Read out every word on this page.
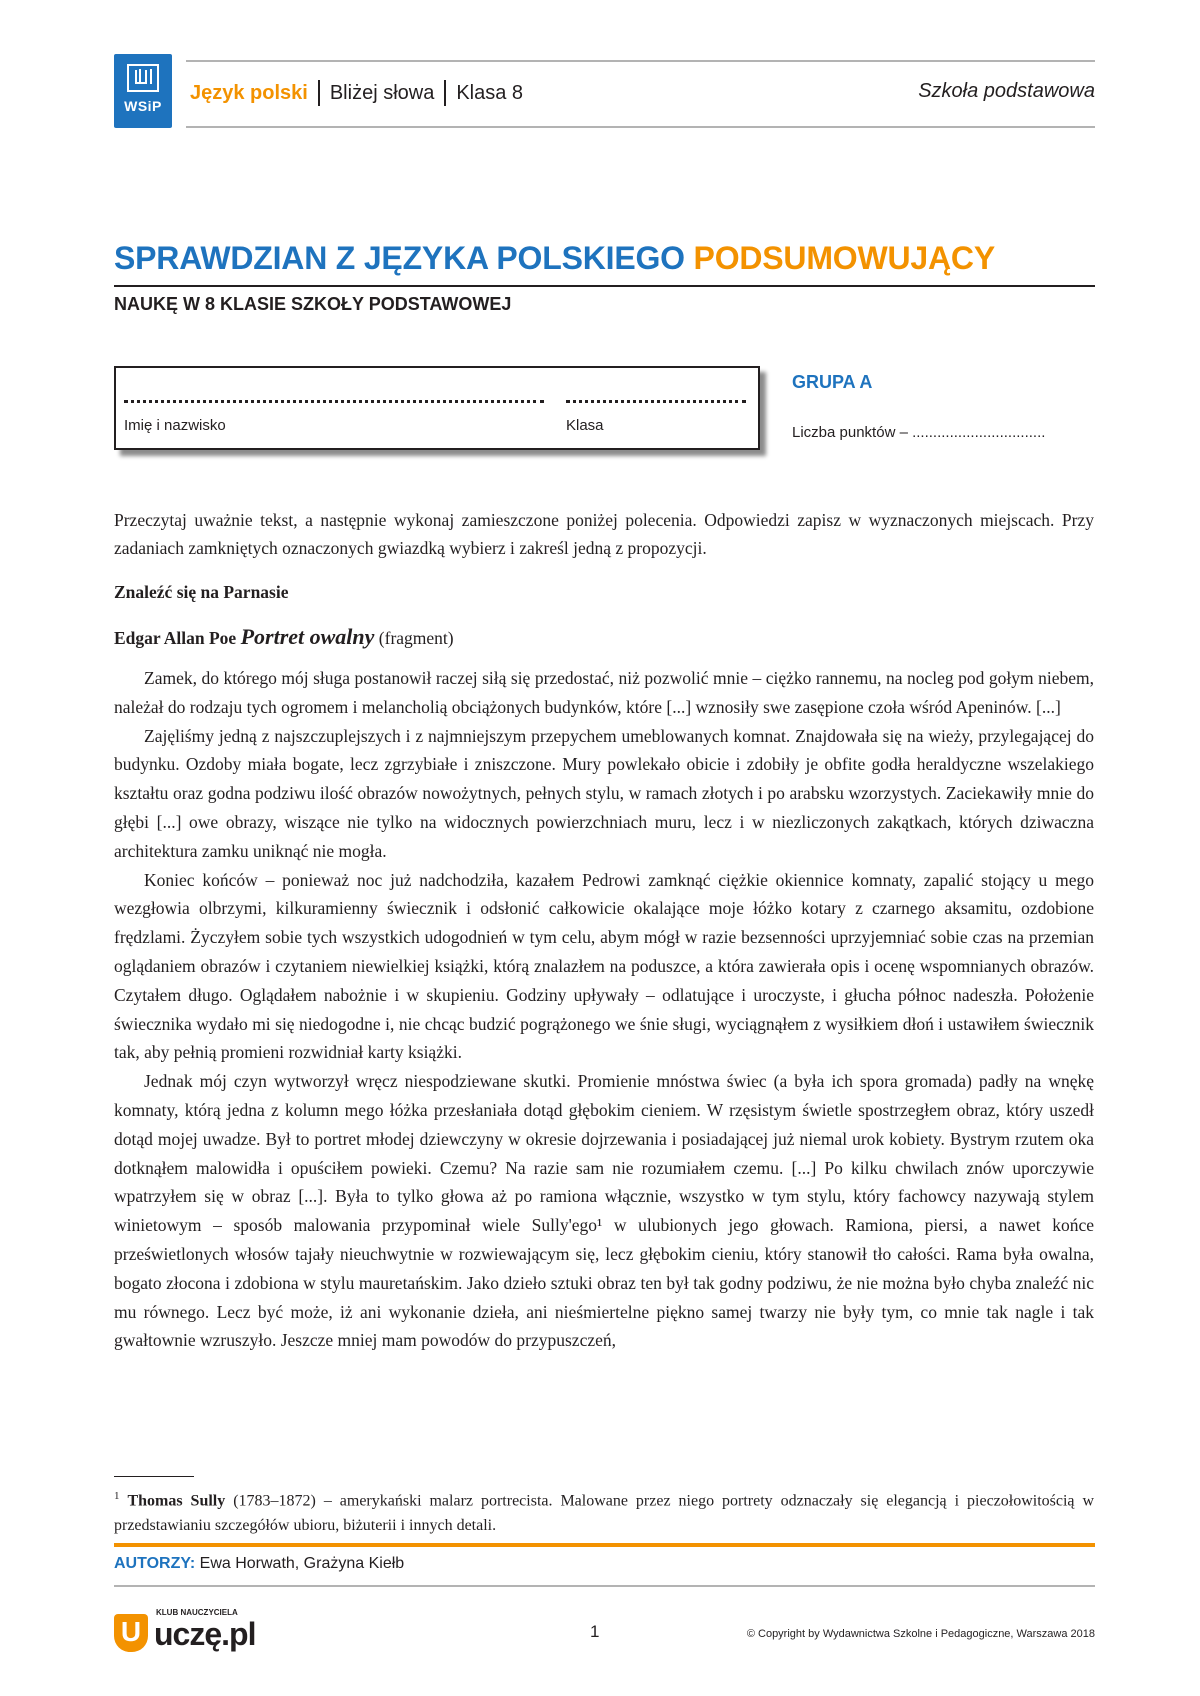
WSiP
Język polski Bliżej słowa Klasa 8	Szkoła podstawowa
SPRAWDZIAN Z JĘZYKA POLSKIEGO PODSUMOWUJĄCY
NAUKĘ W 8 KLASIE SZKOŁY PODSTAWOWEJ
Imię i nazwisko	Klasa
GRUPA A
Liczba punktów – ................................
Przeczytaj uważnie tekst, a następnie wykonaj zamieszczone poniżej polecenia. Odpowiedzi zapisz w wyznaczonych miejscach. Przy zadaniach zamkniętych oznaczonych gwiazdką wybierz i zakreśl jedną z propozycji.
Znaleźć się na Parnasie
Edgar Allan Poe Portret owalny (fragment)

Zamek, do którego mój sługa postanowił raczej siłą się przedostać, niż pozwolić mnie – ciężko rannemu, na nocleg pod gołym niebem, należał do rodzaju tych ogromem i melancholią obciążonych budynków, które [...] wznosiły swe zasępione czoła wśród Apeninów. [...]

Zajęliśmy jedną z najszczuplejszych i z najmniejszym przepychem umeblowanych komnat. Znajdowała się na wieży, przylegającej do budynku. Ozdoby miała bogate, lecz zgrzybiałe i zniszczone. Mury powlekało obicie i zdobiły je obfite godła heraldyczne wszelakiego kształtu oraz godna podziwu ilość obrazów nowożytnych, pełnych stylu, w ramach złotych i po arabsku wzorzystych. Zaciekawiły mnie do głębi [...] owe obrazy, wiszące nie tylko na widocznych powierzchniach muru, lecz i w niezliczonych zakątkach, których dziwaczna architektura zamku uniknąć nie mogła.

Koniec końców – ponieważ noc już nadchodziła, kazałem Pedrowi zamknąć ciężkie okiennice komnaty, zapalić stojący u mego wezgłowia olbrzymi, kilkuramienny świecznik i odsłonić całkowicie okalające moje łóżko kotary z czarnego aksamitu, ozdobione frędzlami. Życzyłem sobie tych wszystkich udogodnień w tym celu, abym mógł w razie bezsenności uprzyjemniać sobie czas na przemian oglądaniem obrazów i czytaniem niewielkiej książki, którą znalazłem na poduszce, a która zawierała opis i ocenę wspomnianych obrazów. Czytałem długo. Oglądałem nabożnie i w skupieniu. Godziny upływały – odlatujące i uroczyste, i głucha północ nadeszła. Położenie świecznika wydało mi się niedogodne i, nie chcąc budzić pogrążonego we śnie sługi, wyciągnąłem z wysiłkiem dłoń i ustawiłem świecznik tak, aby pełnią promieni rozwidniał karty książki.

Jednak mój czyn wytworzył wręcz niespodziewane skutki. Promienie mnóstwa świec (a była ich spora gromada) padły na wnękę komnaty, którą jedna z kolumn mego łóżka przesłaniała dotąd głębokim cieniem. W rzęsistym świetle spostrzegłem obraz, który uszedł dotąd mojej uwadze. Był to portret młodej dziewczyny w okresie dojrzewania i posiadającej już niemal urok kobiety. Bystrym rzutem oka dotknąłem malowidła i opuściłem powieki. Czemu? Na razie sam nie rozumiałem czemu. [...] Po kilku chwilach znów uporczywie wpatrzyłem się w obraz [...]. Była to tylko głowa aż po ramiona włącznie, wszystko w tym stylu, który fachowcy nazywają stylem winietowym – sposób malowania przypominał wiele Sully'ego¹ w ulubionych jego głowach. Ramiona, piersi, a nawet końce prześwietlonych włosów tajały nieuchwytnie w rozwiewającym się, lecz głębokim cieniu, który stanowił tło całości. Rama była owalna, bogato złocona i zdobiona w stylu mauretańskim. Jako dzieło sztuki obraz ten był tak godny podziwu, że nie można było chyba znaleźć nic mu równego. Lecz być może, iż ani wykonanie dzieła, ani nieśmiertelne piękno samej twarzy nie były tym, co mnie tak nagle i tak gwałtownie wzruszyło. Jeszcze mniej mam powodów do przypuszczeń,

$^1$ Thomas Sully (1783–1872) – amerykański malarz portrecista. Malowane przez niego portrety odznaczały się elegancją i pieczołowitością w przedstawianiu szczegółów ubioru, biżuterii i innych detali.
AUTORZY: Ewa Horwath, Grażyna Kiełb
U
KLUB NAUCZYCIELA
uczę.pl	1	© Copyright by Wydawnictwa Szkolne i Pedagogiczne, Warszawa 2018
